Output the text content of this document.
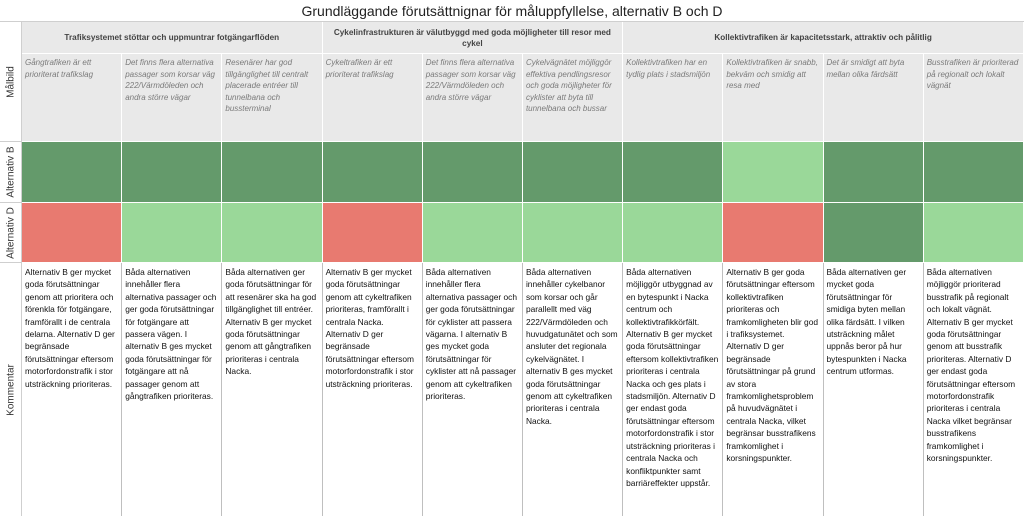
Grundläggande förutsättnignar för måluppfyllelse, alternativ B och D
Målbild
Alternativ B
Alternativ D
Kommentar
Trafiksystemet stöttar och uppmuntrar fotgängarflöden
Cykelinfrastrukturen är välutbyggd med goda möjligheter till resor med cykel
Kollektivtrafiken är kapacitetsstark, attraktiv och pålitlig
Gångtrafiken är ett prioriterat trafikslag
Det finns flera alternativa passager som korsar väg 222/Värmdöleden och andra större vägar
Resenärer har god tillgänglighet till centralt placerade entréer till tunnelbana och bussterminal
Cykeltrafiken är ett prioriterat trafikslag
Det finns flera alternativa passager som korsar väg 222/Värmdöleden och andra större vägar
Cykelvägnätet möjliggör effektiva pendlingsresor och goda möjligheter för cyklister att byta till tunnelbana och bussar
Kollektivtrafiken har en tydlig plats i stadsmiljön
Kollektivtrafiken är snabb, bekväm och smidig att resa med
Det är smidigt att byta mellan olika färdsätt
Busstrafiken är prioriterad på regionalt och lokalt vägnät
Alternativ B ger mycket goda förutsättningar genom att prioritera och förenkla för fotgängare, framförallt i de centrala delarna. Alternativ D ger begränsade förutsättningar eftersom motorfordonstrafik i stor utsträckning prioriteras.
Båda alternativen innehåller flera alternativa passager och ger goda förutsättningar för fotgängare att passera vägen. I alternativ B ges mycket goda förutsättningar för fotgängare att nå passager genom att gångtrafiken prioriteras.
Båda alternativen ger goda förutsättningar för att resenärer ska ha god tillgänglighet till entréer. Alternativ B ger mycket goda förutsättningar genom att gångtrafiken prioriteras i centrala Nacka.
Alternativ B ger mycket goda förutsättningar genom att cykeltrafiken prioriteras, framförallt i centrala Nacka. Alternativ D ger begränsade förutsättningar eftersom motorfordonstrafik i stor utsträckning prioriteras.
Båda alternativen innehåller flera alternativa passager och ger goda förutsättningar för cyklister att passera vägarna. I alternativ B ges mycket goda förutsättningar för cyklister att nå passager genom att cykeltrafiken prioriteras.
Båda alternativen innehåller cykelbanor som korsar och går parallellt med väg 222/Värmdöleden och huvudgatunätet och som ansluter det regionala cykelvägnätet. I alternativ B ges mycket goda förutsättningar genom att cykeltrafiken prioriteras i centrala Nacka.
Båda alternativen möjliggör utbyggnad av en bytespunkt i Nacka centrum och kollektivtrafikkörfält. Alternativ B ger mycket goda förutsättningar eftersom kollektivtrafiken prioriteras i centrala Nacka och ges plats i stadsmiljön. Alternativ D ger endast goda förutsättningar eftersom motorfordonstrafik i stor utsträckning prioriteras i centrala Nacka och konfliktpunkter samt barriäreffekter uppstår.
Alternativ B ger goda förutsättningar eftersom kollektivtrafiken prioriteras och framkomligheten blir god i trafiksystemet. Alternativ D ger begränsade förutsättningar på grund av stora framkomlighetsproblem på huvudvägnätet i centrala Nacka, vilket begränsar busstrafikens framkomlighet i korsningspunkter.
Båda alternativen ger mycket goda förutsättningar för smidiga byten mellan olika färdsätt. I vilken utsträckning målet uppnås beror på hur bytespunkten i Nacka centrum utformas.
Båda alternativen möjliggör prioriterad busstrafik på regionalt och lokalt vägnät. Alternativ B ger mycket goda förutsättningar genom att busstrafik prioriteras. Alternativ D ger endast goda förutsättningar eftersom motorfordonstrafik prioriteras i centrala Nacka vilket begränsar busstrafikens framkomlighet i korsningspunkter.
